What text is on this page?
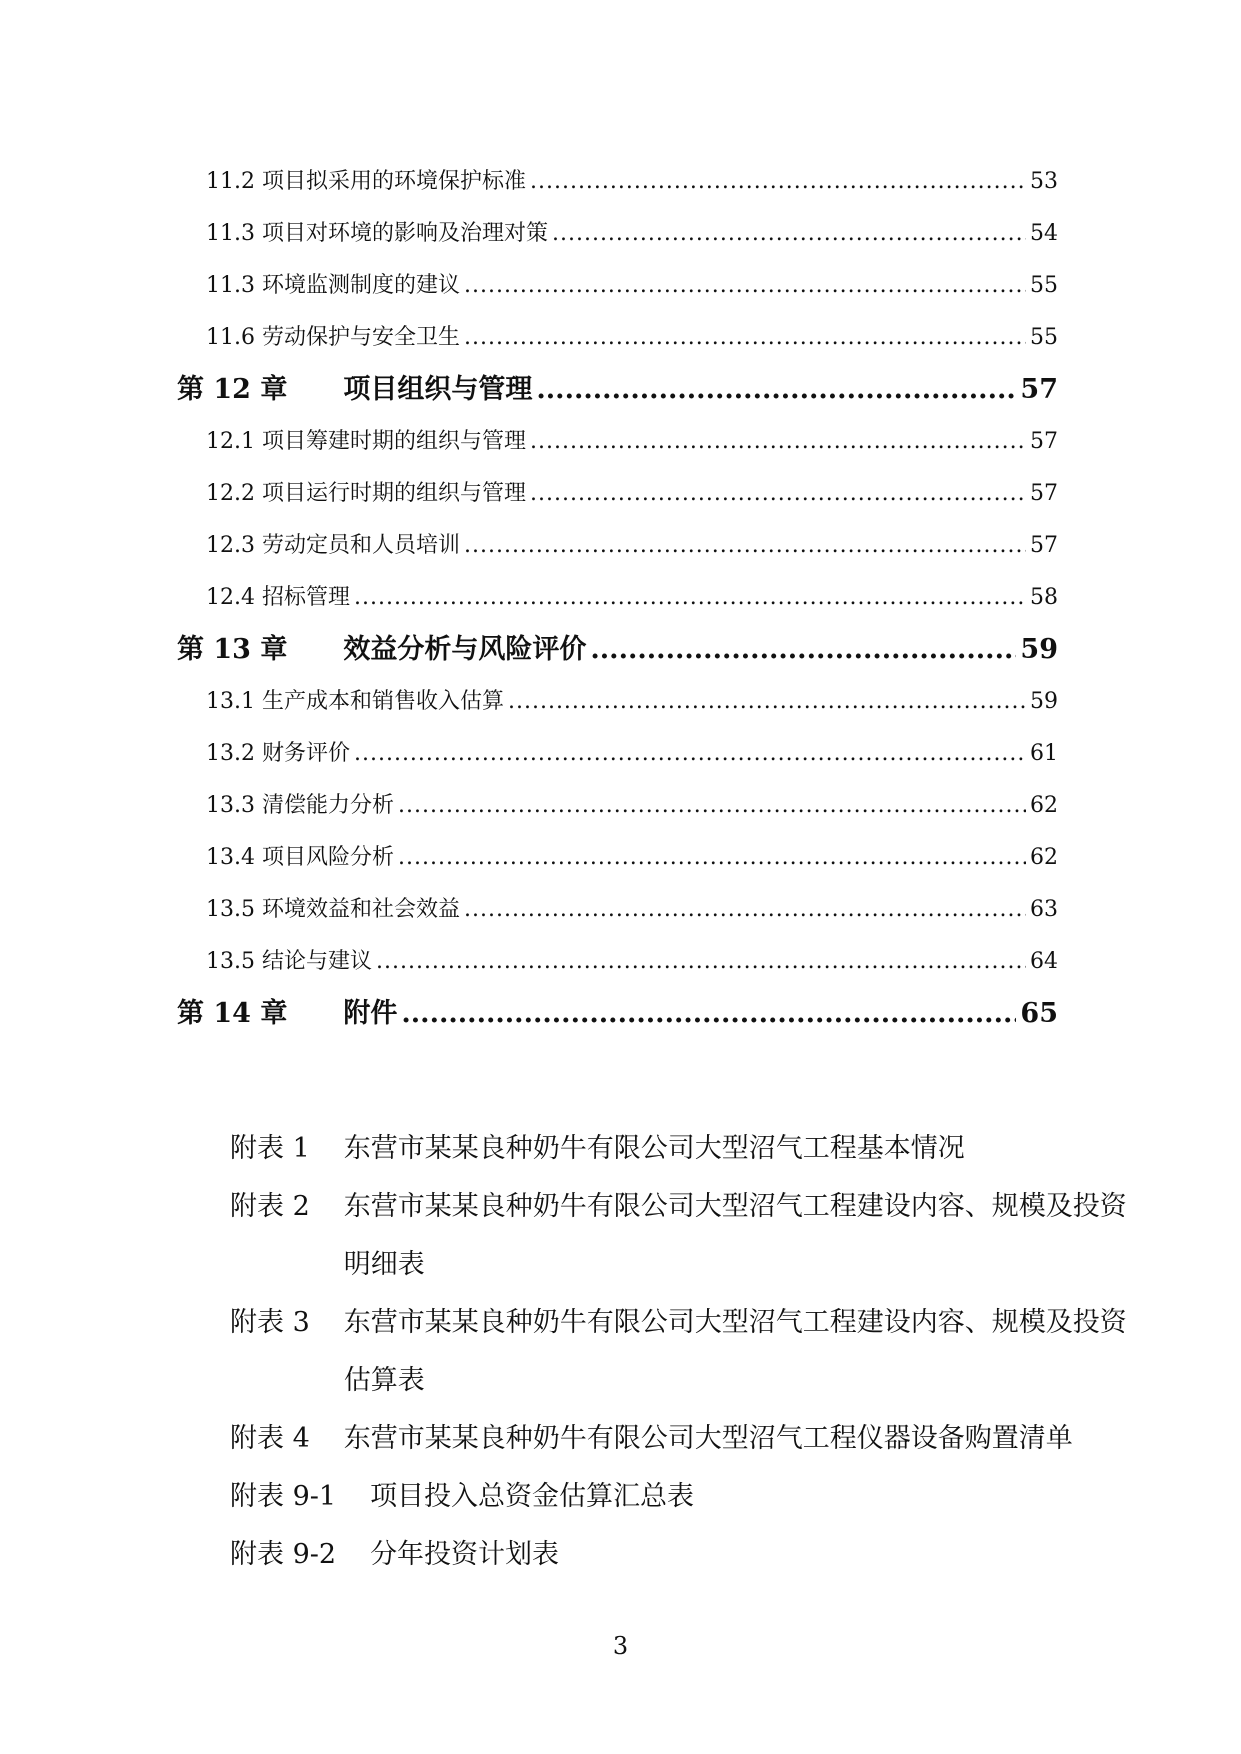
11.2 项目拟采用的环境保护标准 .....	53
11.3 项目对环境的影响及治理对策 .....	54
11.3 环境监测制度的建议 .....	55
11.6 劳动保护与安全卫生 .....	55
第 12 章 项目组织与管理 .....	57
12.1 项目筹建时期的组织与管理 .....	57
12.2 项目运行时期的组织与管理 .....	57
12.3 劳动定员和人员培训 .....	57
12.4 招标管理 .....	58
第 13 章 效益分析与风险评价 .....	59
13.1 生产成本和销售收入估算 .....	59
13.2 财务评价 .....	61
13.3 清偿能力分析 .....	62
13.4 项目风险分析 .....	62
13.5 环境效益和社会效益 .....	63
13.5 结论与建议 .....	64
第 14 章 附件 .....	65
附表 1 东营市某某良种奶牛有限公司大型沼气工程基本情况
附表 2 东营市某某良种奶牛有限公司大型沼气工程建设内容、规模及投资明细表
附表 3 东营市某某良种奶牛有限公司大型沼气工程建设内容、规模及投资估算表
附表 4 东营市某某良种奶牛有限公司大型沼气工程仪器设备购置清单
附表 9-1 项目投入总资金估算汇总表
附表 9-2 分年投资计划表
3
